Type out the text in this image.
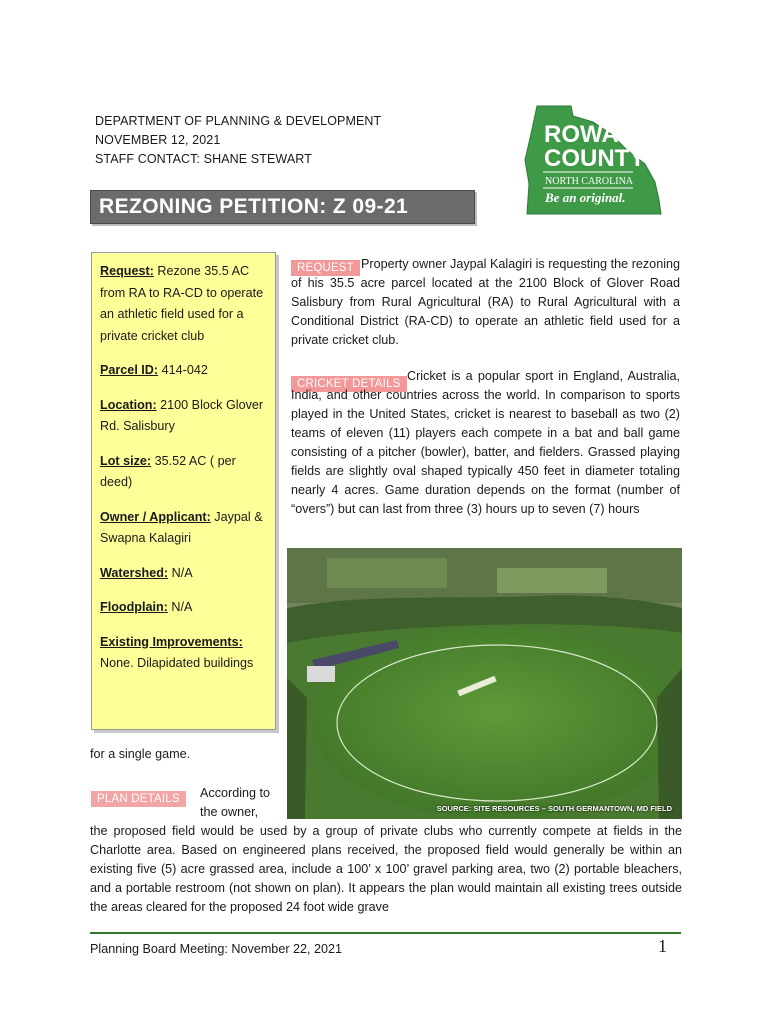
DEPARTMENT OF PLANNING & DEVELOPMENT
NOVEMBER 12, 2021
STAFF CONTACT: SHANE STEWART
ROWAN
COUNTY
NORTH CAROLINA
Be an original.
REZONING PETITION: Z 09-21

Request: Rezone 35.5 AC from RA to RA-CD to operate an athletic field used for a private cricket club

Parcel ID: 414-042

Location: 2100 Block Glover Rd. Salisbury

Lot size: 35.52 AC ( per deed)

Owner / Applicant: Jaypal & Swapna Kalagiri

Watershed: N/A

Floodplain: N/A

Existing Improvements:
None. Dilapidated buildings

REQUEST Property owner Jaypal Kalagiri is requesting the rezoning of his 35.5 acre parcel located at the 2100 Block of Glover Road Salisbury from Rural Agricultural (RA) to Rural Agricultural with a Conditional District (RA-CD) to operate an athletic field used for a private cricket club.
CRICKET DETAILS
Cricket is a popular sport in England, Australia, India, and other countries across the world. In comparison to sports played in the United States, cricket is nearest to baseball as two (2) teams of eleven (11) players each compete in a bat and ball game consisting of a pitcher (bowler), batter, and fielders. Grassed playing fields are slightly oval shaped typically 450 feet in diameter totaling nearly 4 acres. Game duration depends on the format (number of “overs”) but can last from three (3) hours up to seven (7) hours
SOURCE: SITE RESOURCES – SOUTH GERMANTOWN, MD FIELD
for a single game.
PLAN DETAILS	According to the owner,
the proposed field would be used by a group of private clubs who currently compete at fields in the Charlotte area. Based on engineered plans received, the proposed field would generally be within an existing five (5) acre grassed area, include a 100’ x 100’ gravel parking area, two (2) portable bleachers, and a portable restroom (not shown on plan). It appears the plan would maintain all existing trees outside the areas cleared for the proposed 24 foot wide grave
Planning Board Meeting: November 22, 2021	1
